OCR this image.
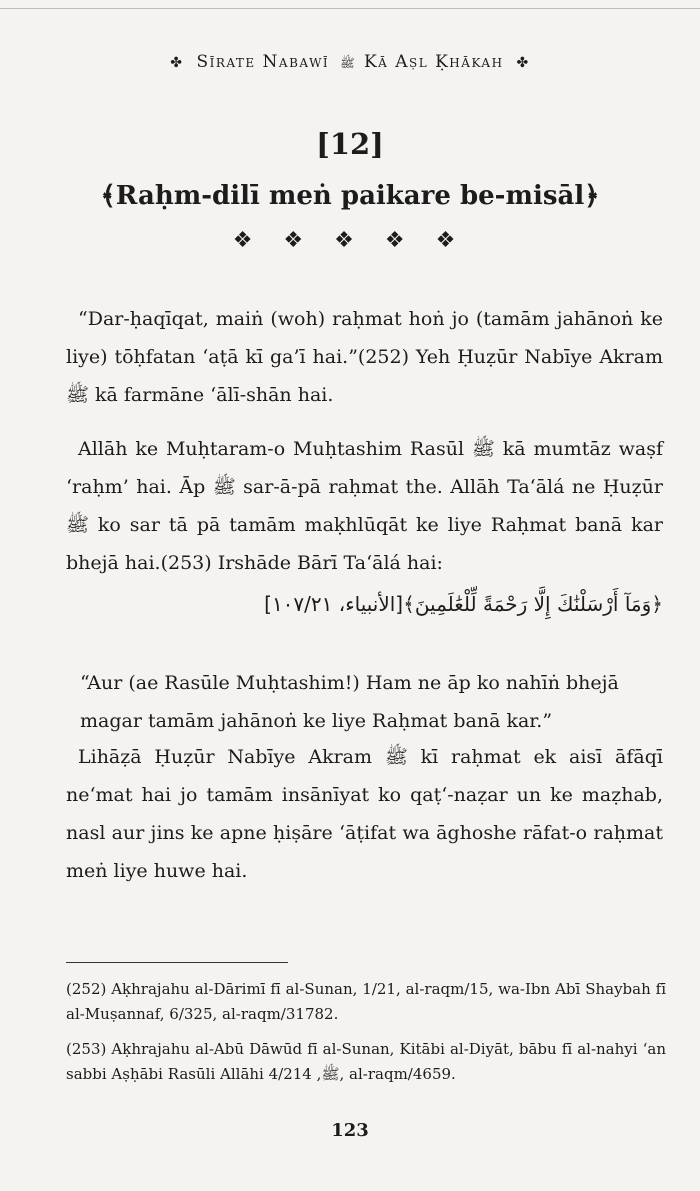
✤ Sīrate Nabawī ﷺ Kā Aṣl Ḳhākah ✤
[12]
﴾Raḥm-dilī meṅ paikare be-misāl﴿
❖ ❖ ❖ ❖ ❖
“Dar-ḥaqīqat, maiṅ (woh) raḥmat hoṅ jo (tamām jahānoṅ ke liye) tōḥfatan ‘aṭā kī ga’ī hai.”(252) Yeh Ḥuẓūr Nabīye Akram ﷺ kā farmāne ‘ālī-shān hai.
Allāh ke Muḥtaram-o Muḥtashim Rasūl ﷺ kā mumtāz waṣf ‘raḥm’ hai. Āp ﷺ sar-ā-pā raḥmat the. Allāh Ta‘ālá ne Ḥuẓūr ﷺ ko sar tā pā tamām maḳhlūqāt ke liye Raḥmat banā kar bhejā hai.(253) Irshāde Bārī Ta‘ālá hai:
﴿وَمَآ أَرْسَلْنَٰكَ إِلَّا رَحْمَةً لِّلْعَٰلَمِينَ﴾[الأنبياء، ١٠٧/٢١]
“Aur (ae Rasūle Muḥtashim!) Ham ne āp ko nahīṅ bhejā magar tamām jahānoṅ ke liye Raḥmat banā kar.”
Lihāẓā Ḥuẓūr Nabīye Akram ﷺ kī raḥmat ek aisī āfāqī ne‘mat hai jo tamām insānīyat ko qaṭ‘-naẓar un ke maẓhab, nasl aur jins ke apne ḥiṣāre ‘āṭifat wa āghoshe rāfat-o raḥmat meṅ liye huwe hai.
(252) Aḳhrajahu al-Dārimī fī al-Sunan, 1/21, al-raqm/15, wa-Ibn Abī Shaybah fī al-Muṣannaf, 6/325, al-raqm/31782.
(253) Aḳhrajahu al-Abū Dāwūd fī al-Sunan, Kitābi al-Diyāt, bābu fī al-nahyi ‘an sabbi Aṣḥābi Rasūli Allāhi ﷺ, 4/214, al-raqm/4659.
123
